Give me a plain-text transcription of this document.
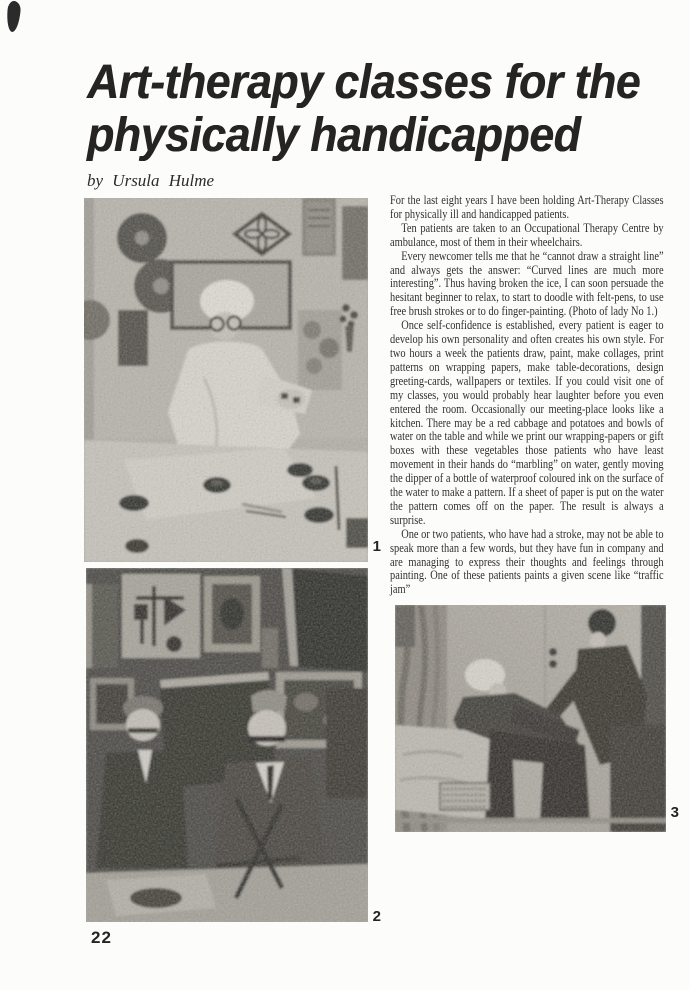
Art-therapy classes for the
physically handicapped
by Ursula Hulme
1
2

For the last eight years I have been holding Art-Therapy Classes for physically ill and handicapped patients.

Ten patients are taken to an Occupational Therapy Centre by ambulance, most of them in their wheelchairs.

Every newcomer tells me that he “cannot draw a straight line” and always gets the answer: “Curved lines are much more interesting”. Thus having broken the ice, I can soon persuade the hesitant beginner to relax, to start to doodle with felt-pens, to use free brush strokes or to do finger-painting. (Photo of lady No 1.)

Once self-confidence is established, every patient is eager to develop his own personality and often creates his own style. For two hours a week the patients draw, paint, make collages, print patterns on wrapping papers, make table-decorations, design greeting-cards, wallpapers or textiles. If you could visit one of my classes, you would probably hear laughter before you even entered the room. Occasionally our meeting-place looks like a kitchen. There may be a red cabbage and potatoes and bowls of water on the table and while we print our wrapping-papers or gift boxes with these vegetables those patients who have least movement in their hands do “marbling” on water, gently moving the dipper of a bottle of waterproof coloured ink on the surface of the water to make a pattern. If a sheet of paper is put on the water the pattern comes off on the paper. The result is always a surprise.

One or two patients, who have had a stroke, may not be able to speak more than a few words, but they have fun in company and are managing to express their thoughts and feelings through painting. One of these patients paints a given scene like “traffic jam”

3
22
